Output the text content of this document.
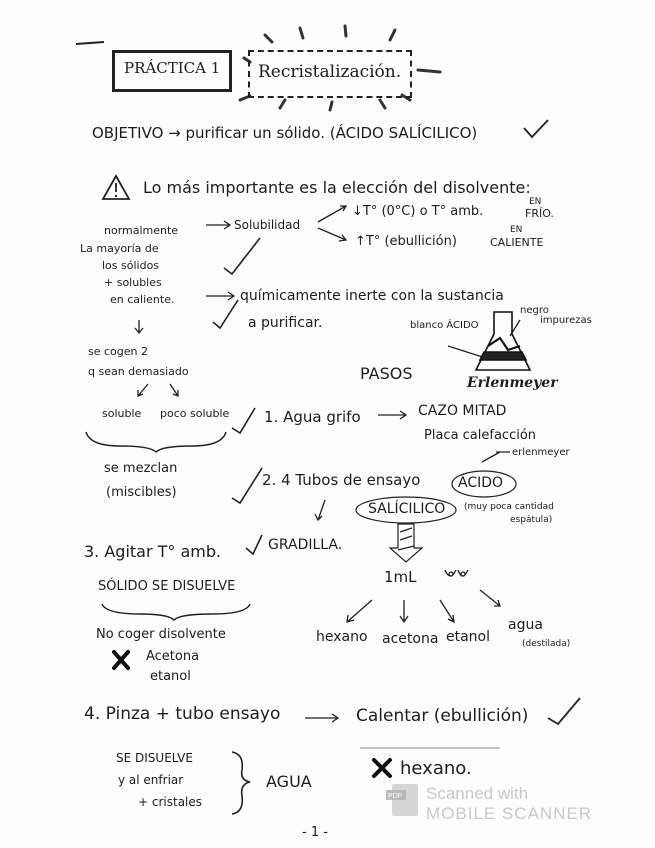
PDF
PRÁCTICA 1 Recristalización.
OBJETIVO → purificar un sólido. (ÁCIDO SALÍCILICO)
Lo más importante es la elección del disolvente:
normalmente
La mayoría de
los sólidos
+ solubles
en caliente.
se cogen 2
q sean demasiado
soluble poco soluble
se mezclan
(miscibles)
Solubilidad
↓T° (0°C) o T° amb.
EN
FRÍO.
↑T° (ebullición)
EN
CALIENTE
químicamente inerte con la sustancia
a purificar.	blanco ÁCIDO
negro
impurezas
Erlenmeyer
PASOS
1. Agua grifo	CAZO MITAD
Placa calefacción
erlenmeyer
2. 4 Tubos de ensayo	ÁCIDO
SALÍCILICO (muy poca cantidad
espátula)
GRADILLA.
3. Agitar T° amb.
SÓLIDO SE DISUELVE
No coger disolvente
Acetona
etanol
1mL
hexano acetona etanol
agua
(destilada)
4. Pinza + tubo ensayo	Calentar (ebullición)
SE DISUELVE
y al enfriar
+ cristales
AGUA
hexano.
Scanned with
MOBILE SCANNER
- 1 -
